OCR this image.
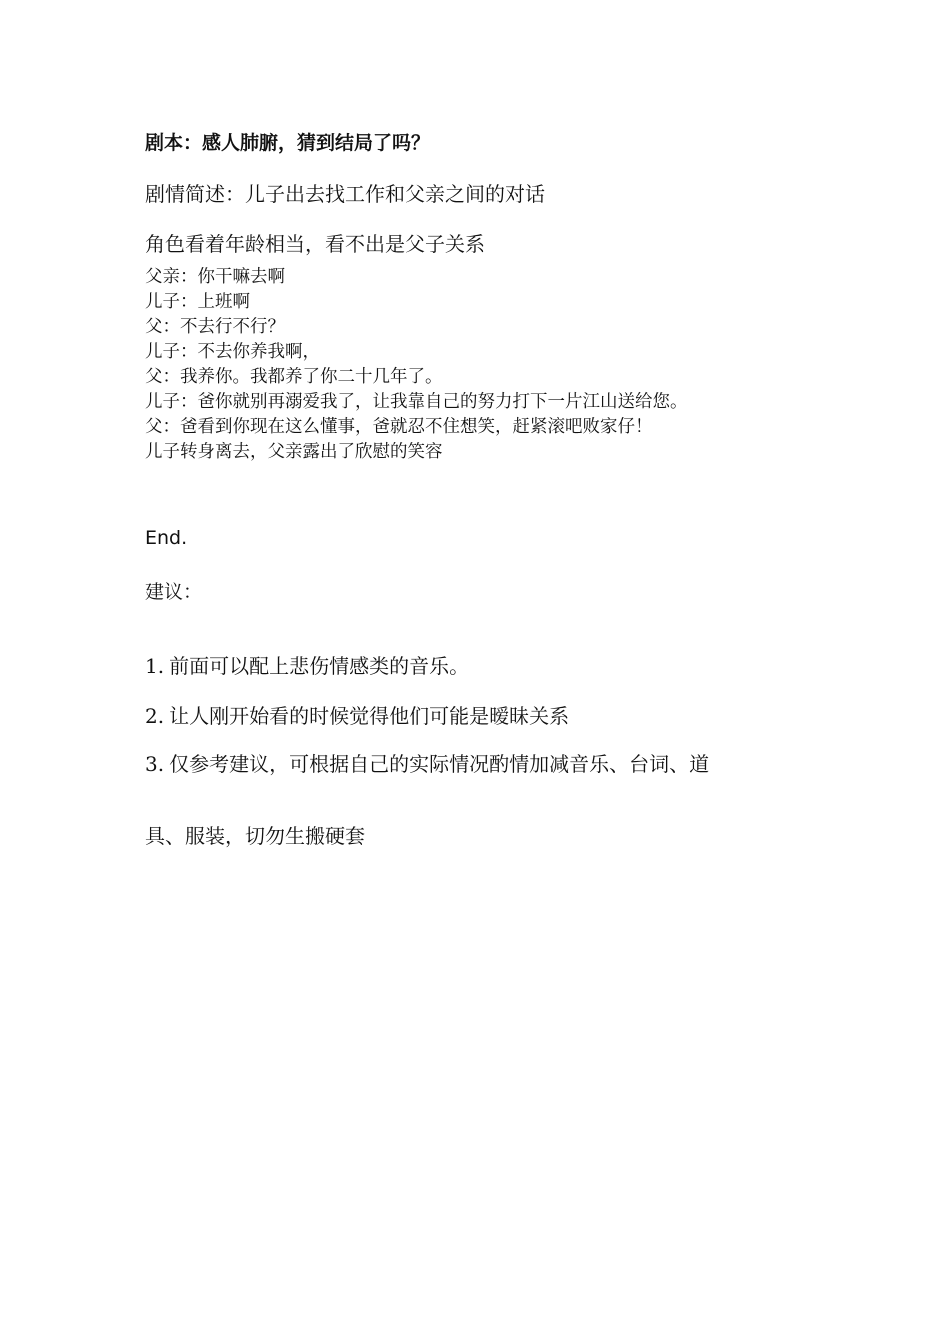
剧本：感人肺腑，猜到结局了吗？
剧情简述：儿子出去找工作和父亲之间的对话
角色看着年龄相当，看不出是父子关系
父亲：你干嘛去啊
儿子：上班啊
父：不去行不行？
儿子：不去你养我啊，
父：我养你。我都养了你二十几年了。
儿子：爸你就别再溺爱我了，让我靠自己的努力打下一片江山送给您。
父：爸看到你现在这么懂事，爸就忍不住想笑，赶紧滚吧败家仔！
儿子转身离去，父亲露出了欣慰的笑容
End.
建议：
1. 前面可以配上悲伤情感类的音乐。
2. 让人刚开始看的时候觉得他们可能是暧昧关系
3. 仅参考建议，可根据自己的实际情况酌情加减音乐、台词、道
具、服装，切勿生搬硬套
